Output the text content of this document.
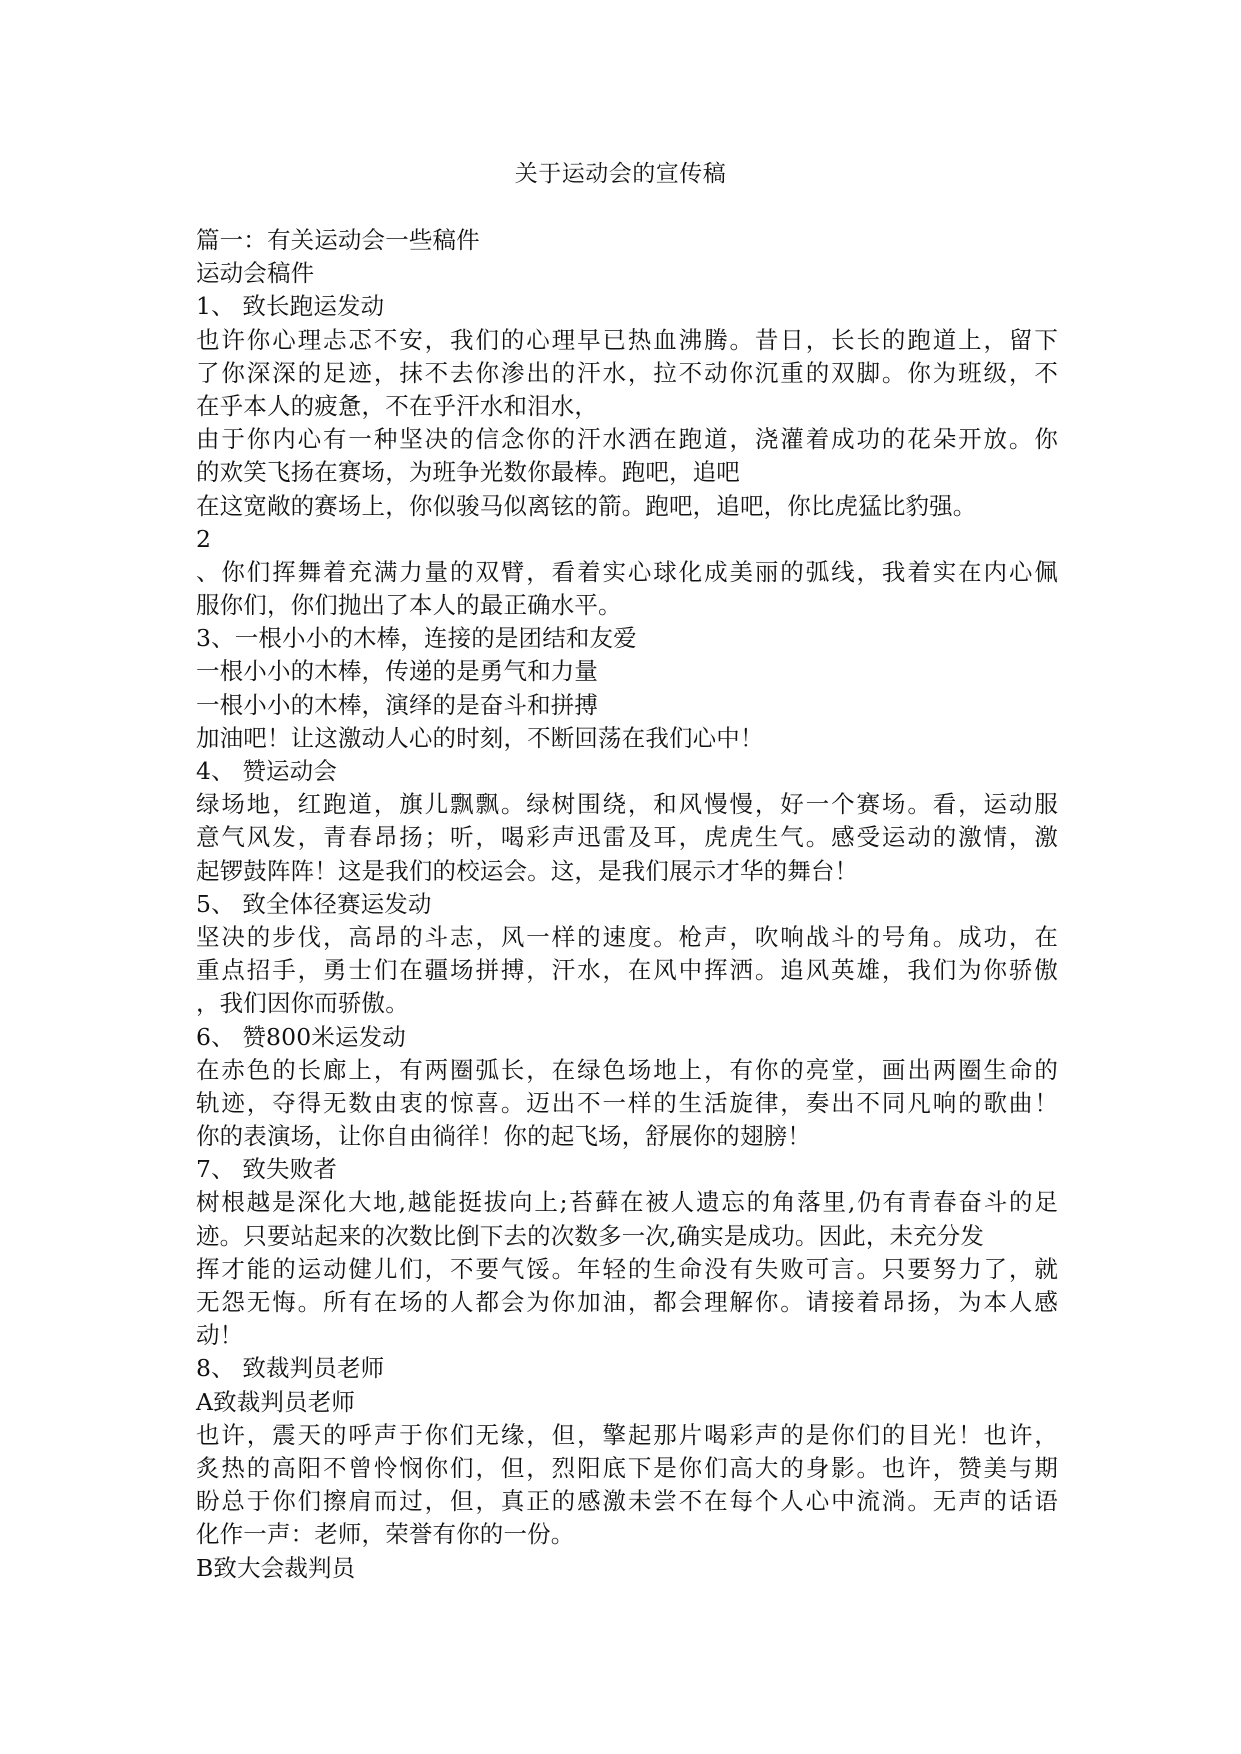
关于运动会的宣传稿
篇一：有关运动会一些稿件
运动会稿件
1、 致长跑运发动
也许你心理忐忑不安，我们的心理早已热血沸腾。昔日，长长的跑道上，留下
了你深深的足迹，抹不去你渗出的汗水，拉不动你沉重的双脚。你为班级，不
在乎本人的疲惫，不在乎汗水和泪水，
由于你内心有一种坚决的信念你的汗水洒在跑道，浇灌着成功的花朵开放。你
的欢笑飞扬在赛场，为班争光数你最棒。跑吧，追吧
在这宽敞的赛场上，你似骏马似离铉的箭。跑吧，追吧，你比虎猛比豹强。
2
、你们挥舞着充满力量的双臂，看着实心球化成美丽的弧线，我着实在内心佩
服你们，你们抛出了本人的最正确水平。
3、一根小小的木棒，连接的是团结和友爱
一根小小的木棒，传递的是勇气和力量
一根小小的木棒，演绎的是奋斗和拼搏
加油吧！让这激动人心的时刻，不断回荡在我们心中！
4、 赞运动会
绿场地，红跑道，旗儿飘飘。绿树围绕，和风慢慢，好一个赛场。看，运动服
意气风发，青春昂扬；听，喝彩声迅雷及耳，虎虎生气。感受运动的激情，激
起锣鼓阵阵！这是我们的校运会。这，是我们展示才华的舞台！
5、 致全体径赛运发动
坚决的步伐，高昂的斗志，风一样的速度。枪声，吹响战斗的号角。成功，在
重点招手，勇士们在疆场拼搏，汗水，在风中挥洒。追风英雄，我们为你骄傲
，我们因你而骄傲。
6、 赞800米运发动
在赤色的长廊上，有两圈弧长，在绿色场地上，有你的亮堂，画出两圈生命的
轨迹，夺得无数由衷的惊喜。迈出不一样的生活旋律，奏出不同凡响的歌曲！
你的表演场，让你自由徜徉！你的起飞场，舒展你的翅膀！
7、 致失败者
树根越是深化大地,越能挺拔向上;苔藓在被人遗忘的角落里,仍有青春奋斗的足
迹。只要站起来的次数比倒下去的次数多一次,确实是成功。因此，未充分发
挥才能的运动健儿们，不要气馁。年轻的生命没有失败可言。只要努力了，就
无怨无悔。所有在场的人都会为你加油，都会理解你。请接着昂扬，为本人感
动！
8、 致裁判员老师
A致裁判员老师
也许，震天的呼声于你们无缘，但，擎起那片喝彩声的是你们的目光！也许，
炙热的高阳不曾怜悯你们，但，烈阳底下是你们高大的身影。也许，赞美与期
盼总于你们擦肩而过，但，真正的感激未尝不在每个人心中流淌。无声的话语
化作一声：老师，荣誉有你的一份。
B致大会裁判员
